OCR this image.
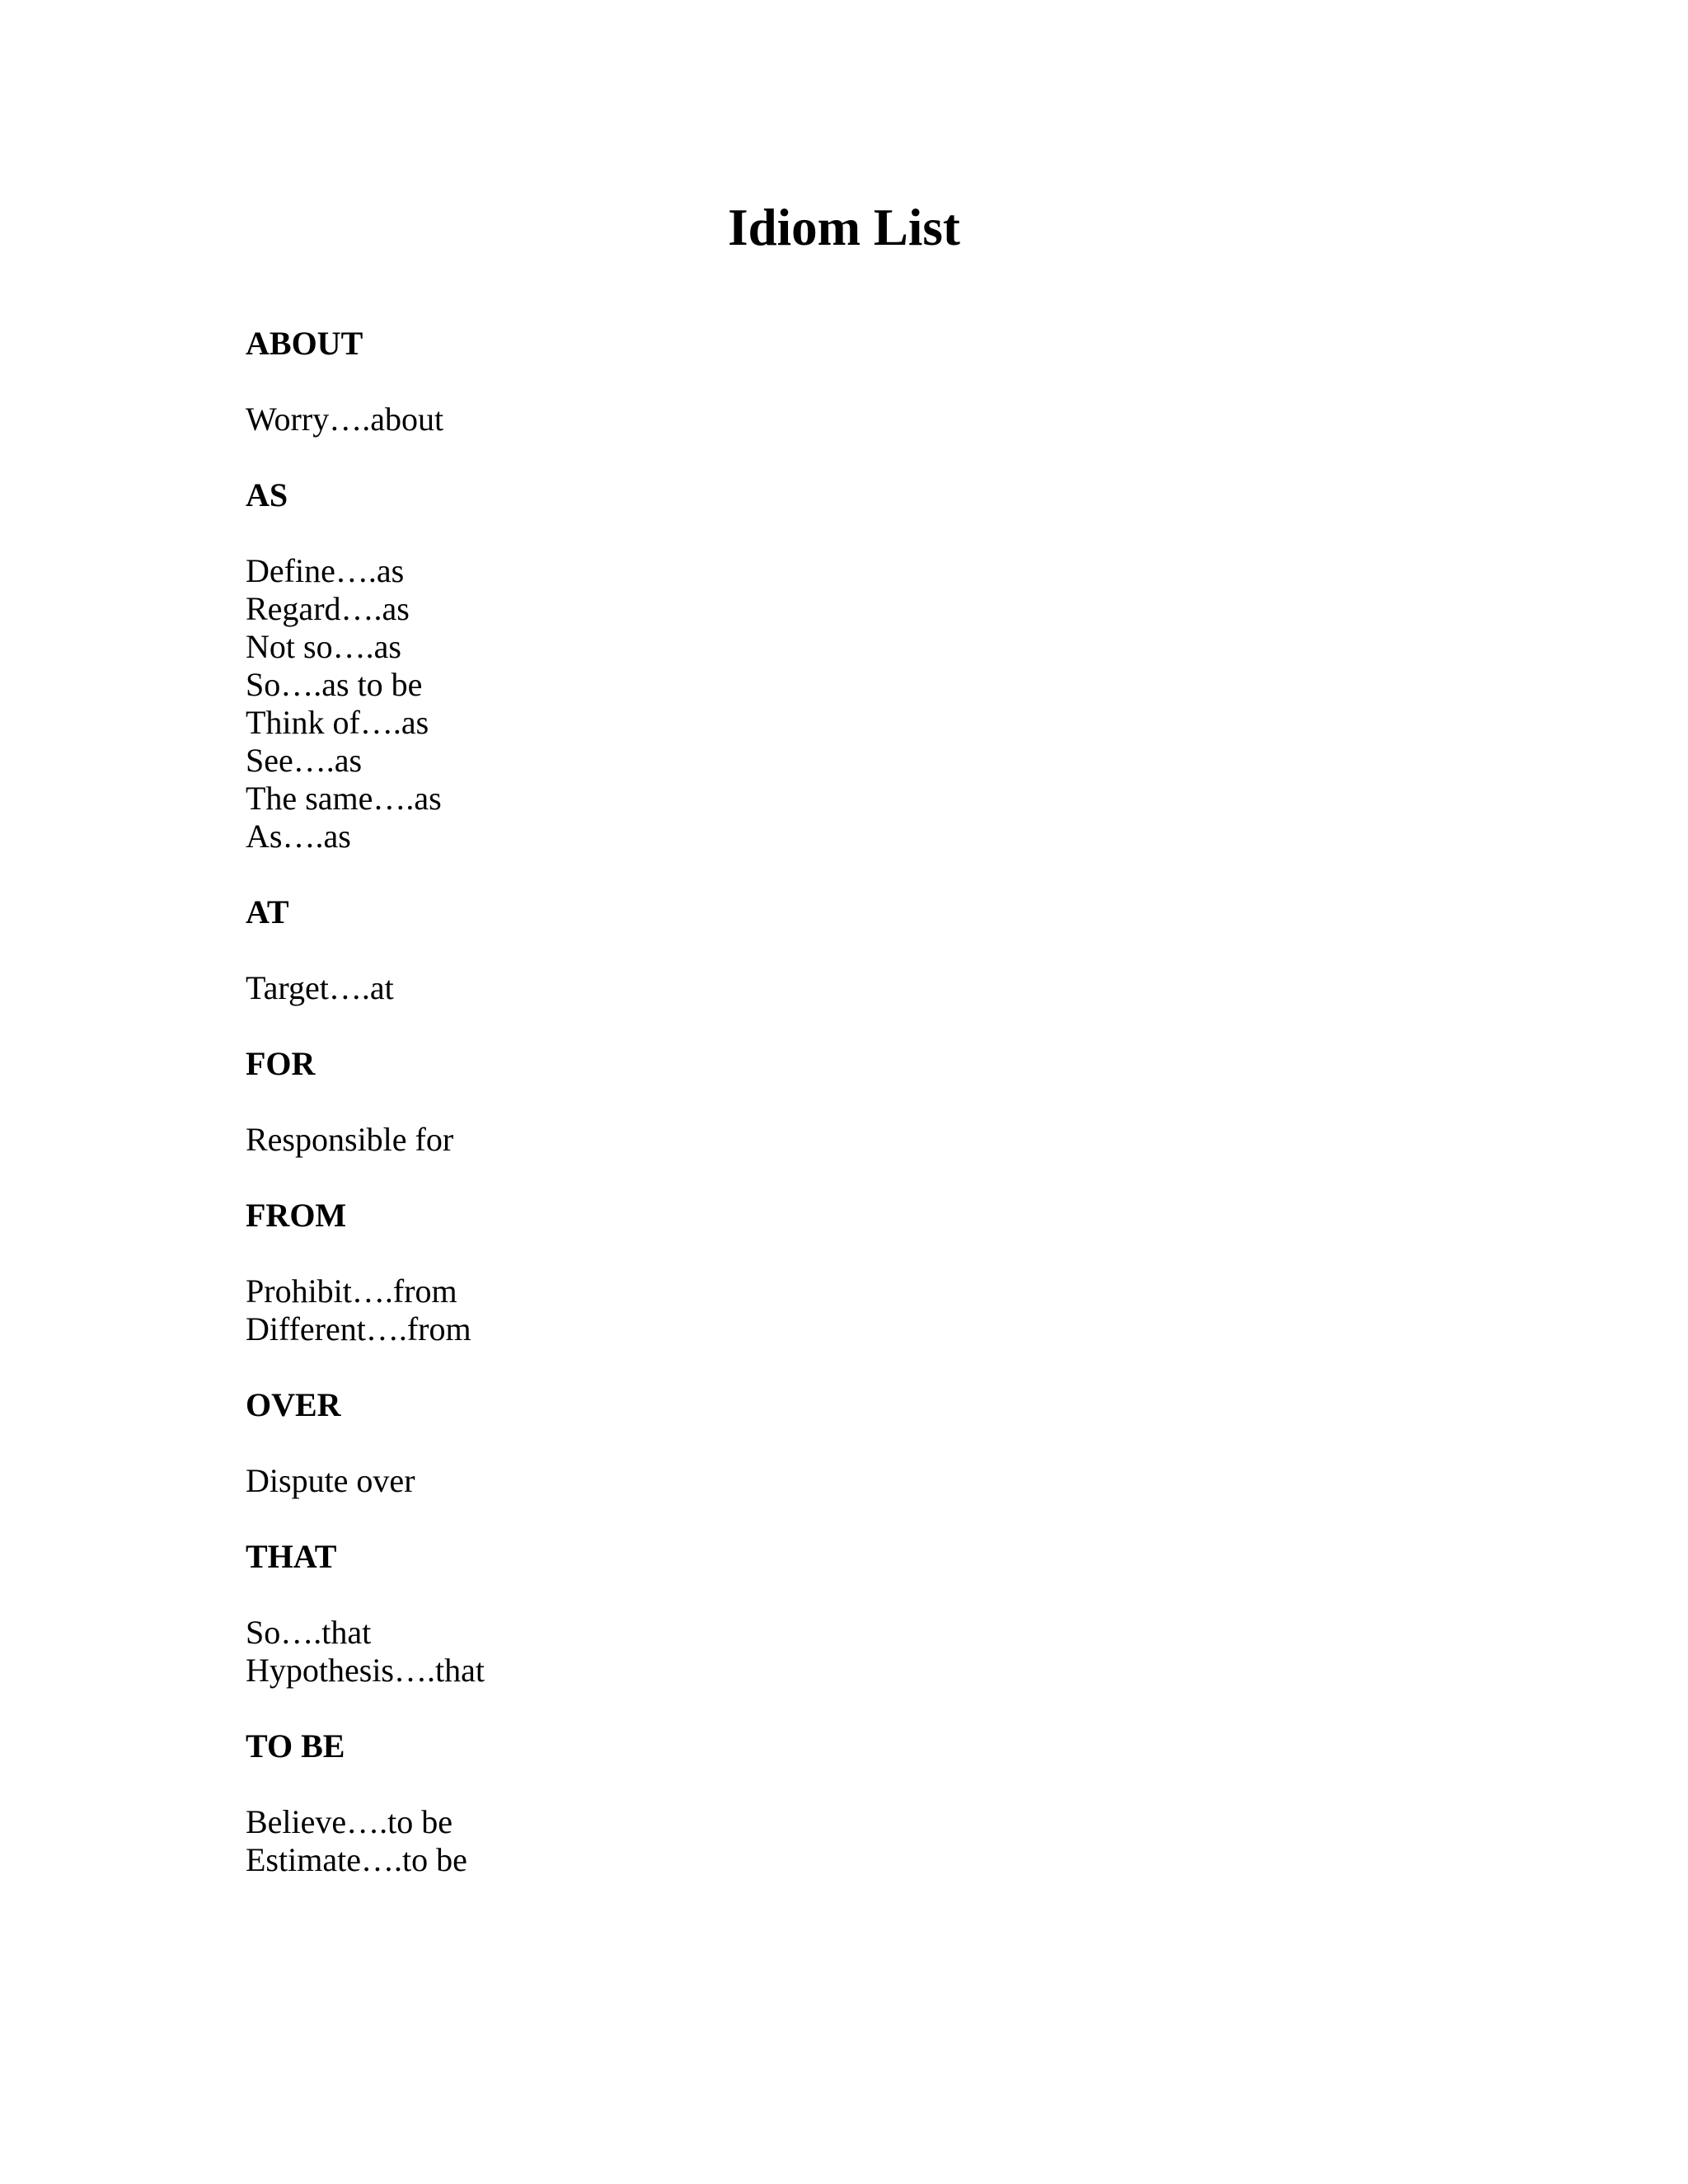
Idiom List
ABOUT
Worry….about
AS
Define….as
Regard….as
Not so….as
So….as to be
Think of….as
See….as
The same….as
As….as
AT
Target….at
FOR
Responsible for
FROM
Prohibit….from
Different….from
OVER
Dispute over
THAT
So….that
Hypothesis….that
TO BE
Believe….to be
Estimate….to be
